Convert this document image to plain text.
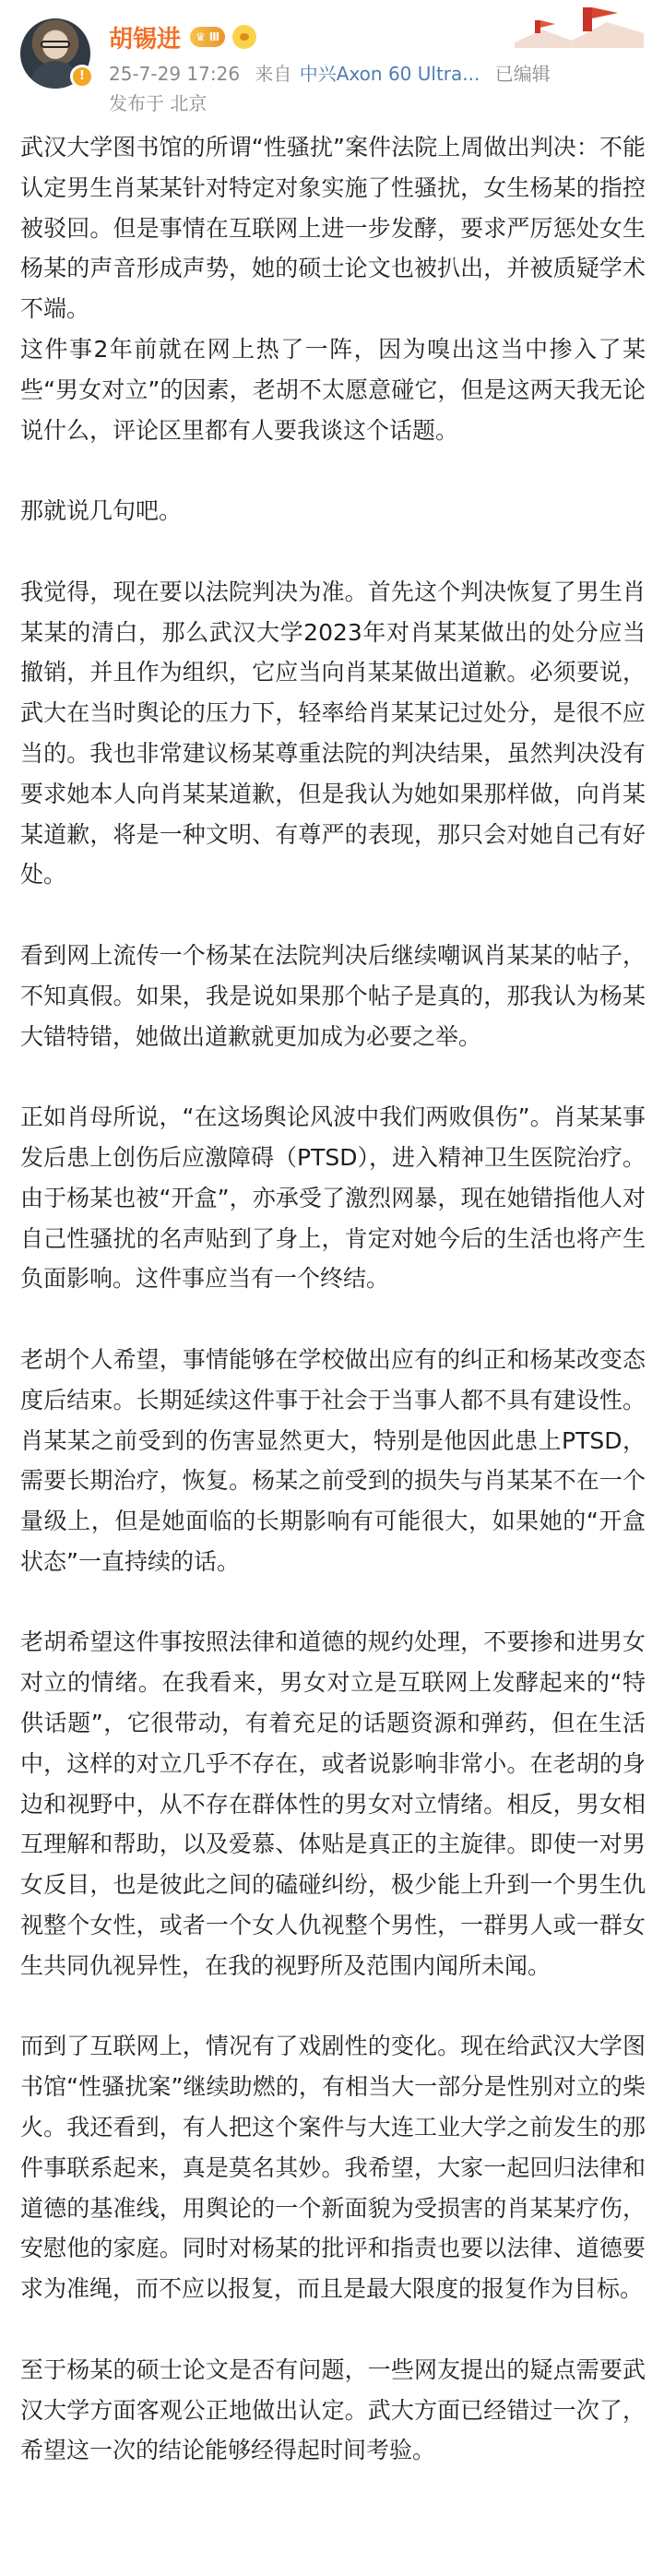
!
胡锡进 ♛ Ⅲ
25-7-29 17:26 来自 中兴Axon 60 Ultra... 已编辑
发布于 北京

武汉大学图书馆的所谓“性骚扰”案件法院上周做出判决：不能认定男生肖某某针对特定对象实施了性骚扰，女生杨某的指控被驳回。但是事情在互联网上进一步发酵，要求严厉惩处女生杨某的声音形成声势，她的硕士论文也被扒出，并被质疑学术不端。

这件事2年前就在网上热了一阵，因为嗅出这当中掺入了某些“男女对立”的因素，老胡不太愿意碰它，但是这两天我无论说什么，评论区里都有人要我谈这个话题。

那就说几句吧。

我觉得，现在要以法院判决为准。首先这个判决恢复了男生肖某某的清白，那么武汉大学2023年对肖某某做出的处分应当撤销，并且作为组织，它应当向肖某某做出道歉。必须要说，武大在当时舆论的压力下，轻率给肖某某记过处分，是很不应当的。我也非常建议杨某尊重法院的判决结果，虽然判决没有要求她本人向肖某某道歉，但是我认为她如果那样做，向肖某某道歉，将是一种文明、有尊严的表现，那只会对她自己有好处。

看到网上流传一个杨某在法院判决后继续嘲讽肖某某的帖子，不知真假。如果，我是说如果那个帖子是真的，那我认为杨某大错特错，她做出道歉就更加成为必要之举。

正如肖母所说，“在这场舆论风波中我们两败俱伤”。肖某某事发后患上创伤后应激障碍（PTSD），进入精神卫生医院治疗。由于杨某也被“开盒”，亦承受了激烈网暴，现在她错指他人对自己性骚扰的名声贴到了身上，肯定对她今后的生活也将产生负面影响。这件事应当有一个终结。

老胡个人希望，事情能够在学校做出应有的纠正和杨某改变态度后结束。长期延续这件事于社会于当事人都不具有建设性。肖某某之前受到的伤害显然更大，特别是他因此患上PTSD，需要长期治疗，恢复。杨某之前受到的损失与肖某某不在一个量级上，但是她面临的长期影响有可能很大，如果她的“开盒状态”一直持续的话。

老胡希望这件事按照法律和道德的规约处理，不要掺和进男女对立的情绪。在我看来，男女对立是互联网上发酵起来的“特供话题”，它很带动，有着充足的话题资源和弹药，但在生活中，这样的对立几乎不存在，或者说影响非常小。在老胡的身边和视野中，从不存在群体性的男女对立情绪。相反，男女相互理解和帮助，以及爱慕、体贴是真正的主旋律。即使一对男女反目，也是彼此之间的磕碰纠纷，极少能上升到一个男生仇视整个女性，或者一个女人仇视整个男性，一群男人或一群女生共同仇视异性，在我的视野所及范围内闻所未闻。

而到了互联网上，情况有了戏剧性的变化。现在给武汉大学图书馆“性骚扰案”继续助燃的，有相当大一部分是性别对立的柴火。我还看到，有人把这个案件与大连工业大学之前发生的那件事联系起来，真是莫名其妙。我希望，大家一起回归法律和道德的基准线，用舆论的一个新面貌为受损害的肖某某疗伤，安慰他的家庭。同时对杨某的批评和指责也要以法律、道德要求为准绳，而不应以报复，而且是最大限度的报复作为目标。

至于杨某的硕士论文是否有问题，一些网友提出的疑点需要武汉大学方面客观公正地做出认定。武大方面已经错过一次了，希望这一次的结论能够经得起时间考验。
